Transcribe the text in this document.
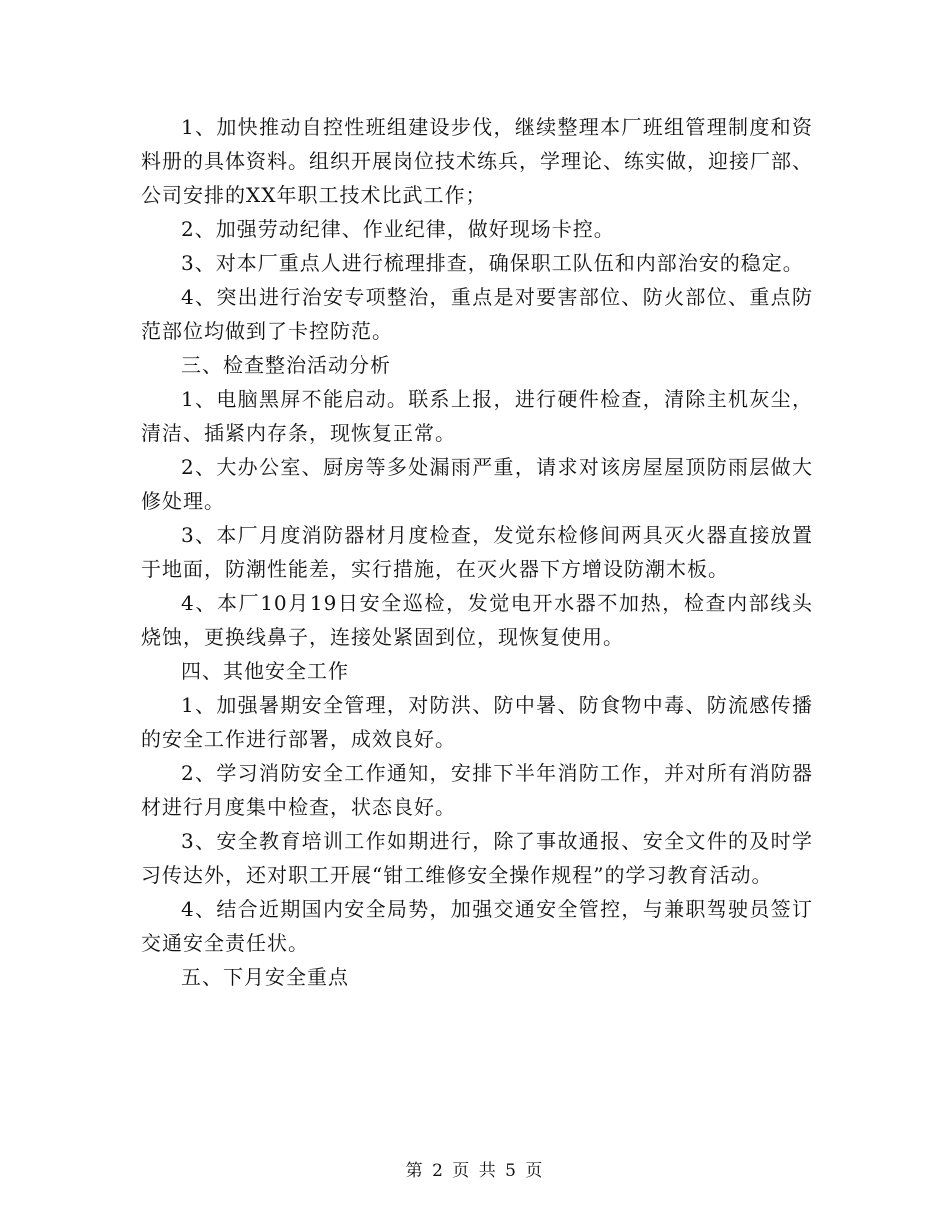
1、加快推动自控性班组建设步伐，继续整理本厂班组管理制度和资料册的具体资料。组织开展岗位技术练兵，学理论、练实做，迎接厂部、公司安排的XX年职工技术比武工作；

2、加强劳动纪律、作业纪律，做好现场卡控。

3、对本厂重点人进行梳理排查，确保职工队伍和内部治安的稳定。

4、突出进行治安专项整治，重点是对要害部位、防火部位、重点防范部位均做到了卡控防范。

三、检查整治活动分析

1、电脑黑屏不能启动。联系上报，进行硬件检查，清除主机灰尘，清洁、插紧内存条，现恢复正常。

2、大办公室、厨房等多处漏雨严重，请求对该房屋屋顶防雨层做大修处理。

3、本厂月度消防器材月度检查，发觉东检修间两具灭火器直接放置于地面，防潮性能差，实行措施，在灭火器下方增设防潮木板。

4、本厂10月19日安全巡检，发觉电开水器不加热，检查内部线头烧蚀，更换线鼻子，连接处紧固到位，现恢复使用。

四、其他安全工作

1、加强暑期安全管理，对防洪、防中暑、防食物中毒、防流感传播的安全工作进行部署，成效良好。

2、学习消防安全工作通知，安排下半年消防工作，并对所有消防器材进行月度集中检查，状态良好。

3、安全教育培训工作如期进行，除了事故通报、安全文件的及时学习传达外，还对职工开展“钳工维修安全操作规程”的学习教育活动。

4、结合近期国内安全局势，加强交通安全管控，与兼职驾驶员签订交通安全责任状。

五、下月安全重点

第 2 页 共 5 页
